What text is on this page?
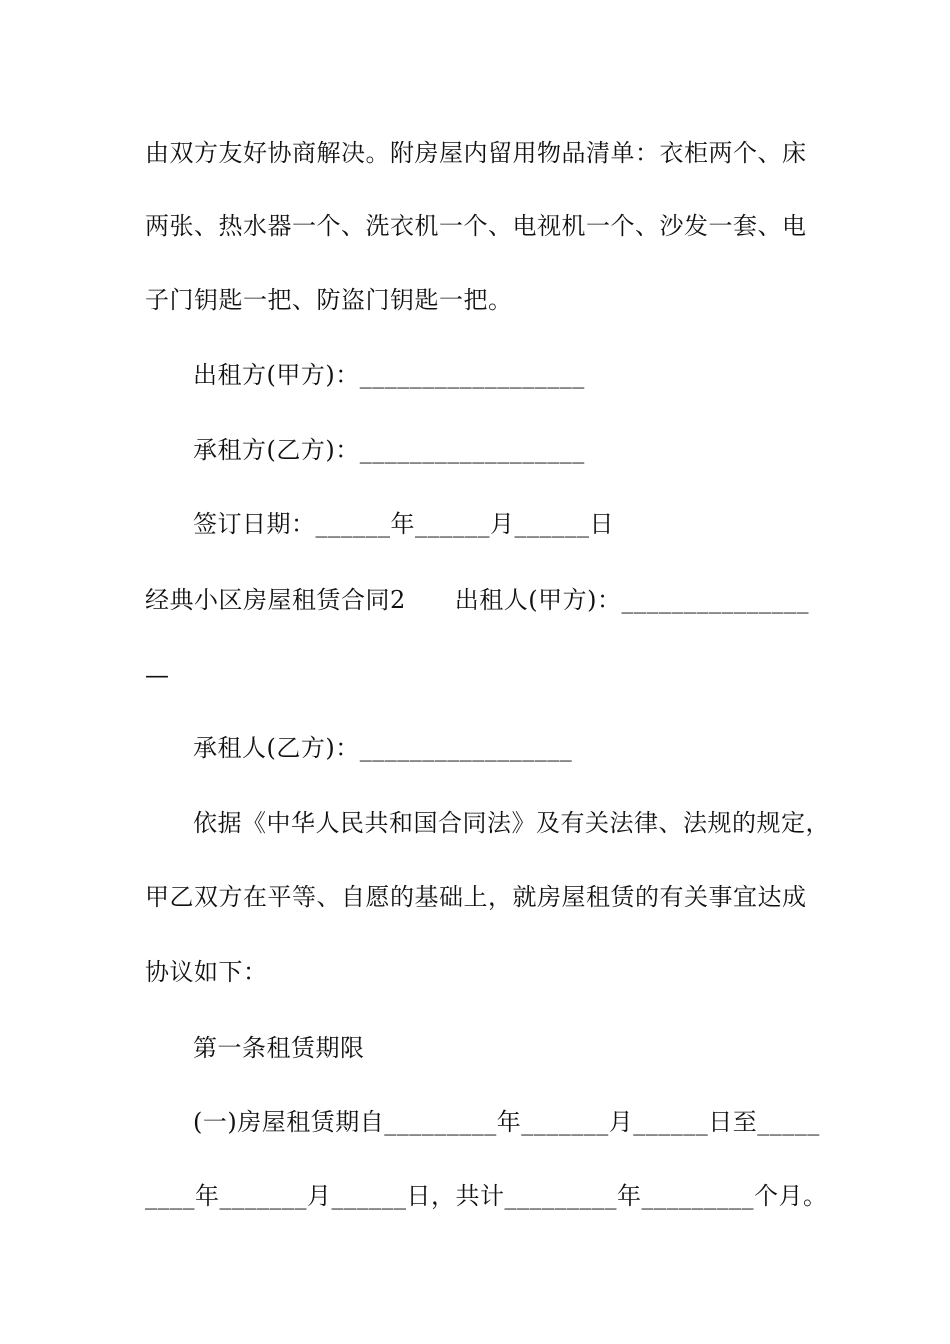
由双方友好协商解决。附房屋内留用物品清单：衣柜两个、床
两张、热水器一个、洗衣机一个、电视机一个、沙发一套、电
子门钥匙一把、防盗门钥匙一把。
出租方(甲方)：__________________
承租方(乙方)：__________________
签订日期：______年______月______日
经典小区房屋租赁合同2　　出租人(甲方)：_______________
—
承租人(乙方)：_________________
依据《中华人民共和国合同法》及有关法律、法规的规定，
甲乙双方在平等、自愿的基础上，就房屋租赁的有关事宜达成
协议如下：
第一条租赁期限
(一)房屋租赁期自_________年_______月______日至_____
____年_______月______日，共计_________年_________个月。
